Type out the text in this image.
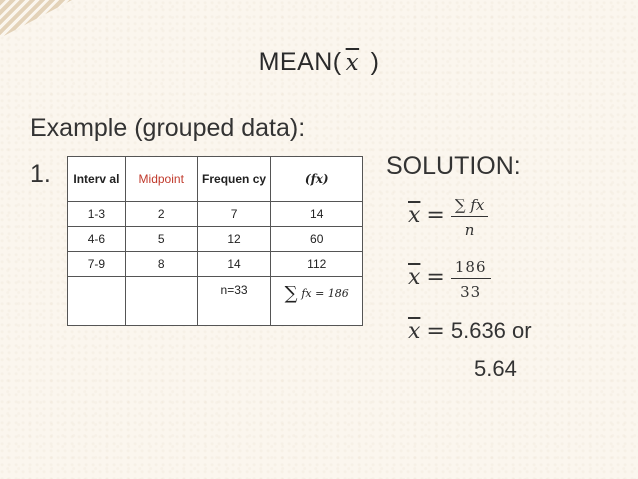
MEAN( $\overline{x}$ )
Example (grouped data):
1. Interv al	Midpoint	Frequen cy	(fx)
1-3	2	7	14
4-6	5	12	60
7-9	8	14	112
		n=33	∑ fx = 186
SOLUTION:
$\overline{x} = \frac{\sum fx}{n}$
$\overline{x} = \frac{186}{33}$
$\overline{x} = 5.636$ or
5.64
